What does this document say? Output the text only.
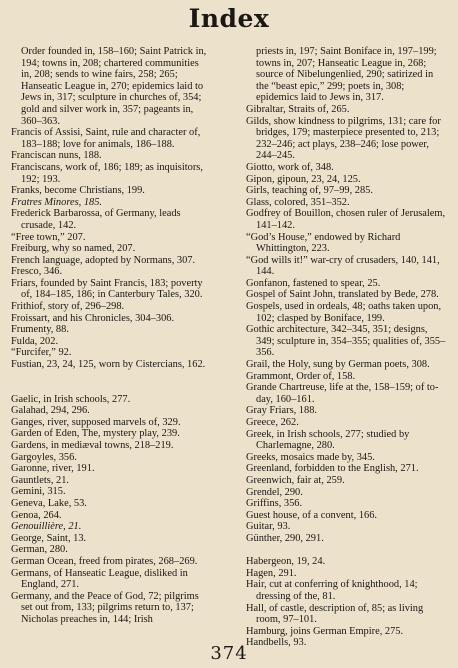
Index

Order founded in, 158–160; Saint Patrick in, 194; towns in, 208; chartered communities in, 208; sends to wine fairs, 258; 265; Hanseatic League in, 270; epidemics laid to Jews in, 317; sculpture in churches of, 354; gold and silver work in, 357; pageants in, 360–363.

Francis of Assisi, Saint, rule and character of, 183–188; love for animals, 186–188.

Franciscan nuns, 188.

Franciscans, work of, 186; 189; as inquisitors, 192; 193.

Franks, become Christians, 199.

Fratres Minores, 185.

Frederick Barbarossa, of Germany, leads crusade, 142.

“Free town,” 207.

Freiburg, why so named, 207.

French language, adopted by Normans, 307.

Fresco, 346.

Friars, founded by Saint Francis, 183; poverty of, 184–185, 186; in Canterbury Tales, 320.

Frithiof, story of, 296–298.

Froissart, and his Chronicles, 304–306.

Frumenty, 88.

Fulda, 202.

“Furcifer,” 92.

Fustian, 23, 24, 125, worn by Cistercians, 162.

Gaelic, in Irish schools, 277.

Galahad, 294, 296.

Ganges, river, supposed marvels of, 329.

Garden of Eden, The, mystery play, 239.

Gardens, in mediæval towns, 218–219.

Gargoyles, 356.

Garonne, river, 191.

Gauntlets, 21.

Gemini, 315.

Geneva, Lake, 53.

Genoa, 264.

Genouillière, 21.

George, Saint, 13.

German, 280.

German Ocean, freed from pirates, 268–269.

Germans, of Hanseatic League, disliked in England, 271.

Germany, and the Peace of God, 72; pilgrims set out from, 133; pilgrims return to, 137; Nicholas preaches in, 144; Irish

priests in, 197; Saint Boniface in, 197–199; towns in, 207; Hanseatic League in, 268; source of Nibelungenlied, 290; satirized in the “beast epic,” 299; poets in, 308; epidemics laid to Jews in, 317.

Gibraltar, Straits of, 265.

Gilds, show kindness to pilgrims, 131; care for bridges, 179; masterpiece presented to, 213; 232–246; act plays, 238–246; lose power, 244–245.

Giotto, work of, 348.

Gipon, gipoun, 23, 24, 125.

Girls, teaching of, 97–99, 285.

Glass, colored, 351–352.

Godfrey of Bouillon, chosen ruler of Jerusalem, 141–142.

“God’s House,” endowed by Richard Whittington, 223.

“God wills it!” war-cry of crusaders, 140, 141, 144.

Gonfanon, fastened to spear, 25.

Gospel of Saint John, translated by Bede, 278.

Gospels, used in ordeals, 48; oaths taken upon, 102; clasped by Boniface, 199.

Gothic architecture, 342–345, 351; designs, 349; sculpture in, 354–355; qualities of, 355–356.

Grail, the Holy, sung by German poets, 308.

Grammont, Order of, 158.

Grande Chartreuse, life at the, 158–159; of to-day, 160–161.

Gray Friars, 188.

Greece, 262.

Greek, in Irish schools, 277; studied by Charlemagne, 280.

Greeks, mosaics made by, 345.

Greenland, forbidden to the English, 271.

Greenwich, fair at, 259.

Grendel, 290.

Griffins, 356.

Guest house, of a convent, 166.

Guitar, 93.

Günther, 290, 291.

Habergeon, 19, 24.

Hagen, 291.

Hair, cut at conferring of knighthood, 14; dressing of the, 81.

Hall, of castle, description of, 85; as living room, 97–101.

Hamburg, joins German Empire, 275.

Handbells, 93.

374
